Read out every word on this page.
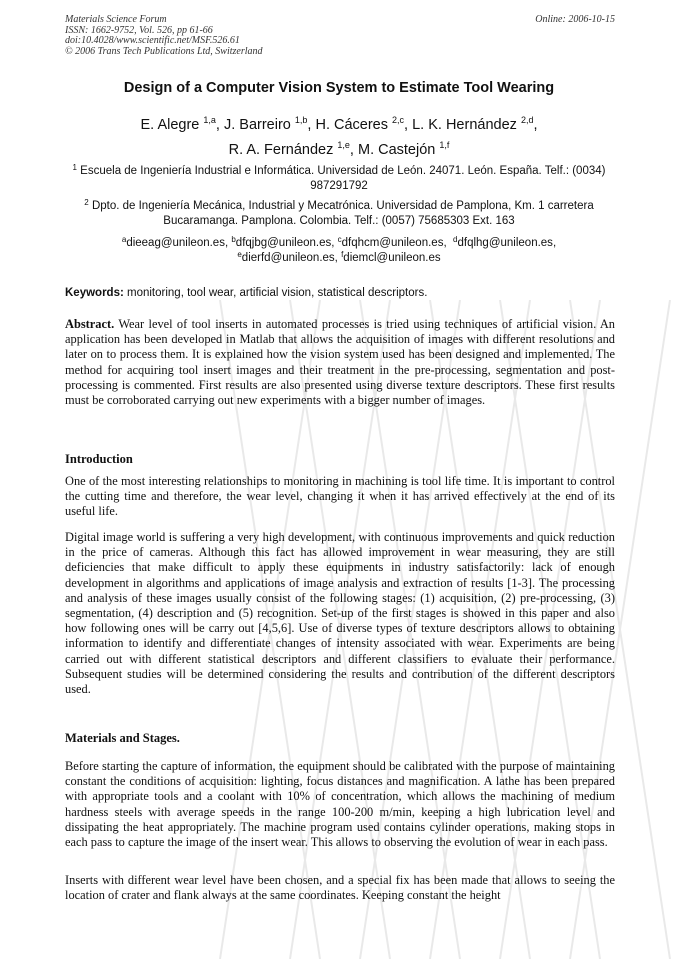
Materials Science Forum
ISSN: 1662-9752, Vol. 526, pp 61-66
doi:10.4028/www.scientific.net/MSF.526.61
© 2006 Trans Tech Publications Ltd, Switzerland
Online: 2006-10-15
Design of a Computer Vision System to Estimate Tool Wearing
E. Alegre $^{1,a}$, J. Barreiro $^{1,b}$, H. Cáceres $^{2,c}$, L. K. Hernández $^{2,d}$,
R. A. Fernández $^{1,e}$, M. Castejón $^{1,f}$
$^1$ Escuela de Ingeniería Industrial e Informática. Universidad de León. 24071. León. España. Telf.: (0034) 987291792
$^2$ Dpto. de Ingeniería Mecánica, Industrial y Mecatrónica. Universidad de Pamplona, Km. 1 carretera Bucaramanga. Pamplona. Colombia. Telf.: (0057) 75685303 Ext. 163
$^a$dieeag@unileon.es, $^b$dfqjbg@unileon.es, $^c$dfqhcm@unileon.es,  $^d$dfqlhg@unileon.es,
$^e$dierfd@unileon.es, $^f$diemcl@unileon.es
Keywords: monitoring, tool wear, artificial vision, statistical descriptors.
Abstract. Wear level of tool inserts in automated processes is tried using techniques of artificial vision. An application has been developed in Matlab that allows the acquisition of images with different resolutions and later on to process them. It is explained how the vision system used has been designed and implemented. The method for acquiring tool insert images and their treatment in the pre-processing, segmentation and post-processing is commented. First results are also presented using diverse texture descriptors. These first results must be corroborated carrying out new experiments with a bigger number of images.
Introduction
One of the most interesting relationships to monitoring in machining is tool life time. It is important to control the cutting time and therefore, the wear level, changing it when it has arrived effectively at the end of its useful life.
Digital image world is suffering a very high development, with continuous improvements and quick reduction in the price of cameras. Although this fact has allowed improvement in wear measuring, they are still deficiencies that make difficult to apply these equipments in industry satisfactorily: lack of enough development in algorithms and applications of image analysis and extraction of results [1-3]. The processing and analysis of these images usually consist of the following stages: (1) acquisition, (2) pre-processing, (3) segmentation, (4) description and (5) recognition. Set-up of the first stages is showed in this paper and also how following ones will be carry out [4,5,6]. Use of diverse types of texture descriptors allows to obtaining information to identify and differentiate changes of intensity associated with wear. Experiments are being carried out with different statistical descriptors and different classifiers to evaluate their performance. Subsequent studies will be determined considering the results and contribution of the different descriptors used.
Materials and Stages.
Before starting the capture of information, the equipment should be calibrated with the purpose of maintaining constant the conditions of acquisition: lighting, focus distances and magnification. A lathe has been prepared with appropriate tools and a coolant with 10% of concentration, which allows the machining of medium hardness steels with average speeds in the range 100-200 m/min, keeping a high lubrication level and dissipating the heat appropriately. The machine program used contains cylinder operations, making stops in each pass to capture the image of the insert wear. This allows to observing the evolution of wear in each pass.
Inserts with different wear level have been chosen, and a special fix has been made that allows to seeing the location of crater and flank always at the same coordinates. Keeping constant the height
